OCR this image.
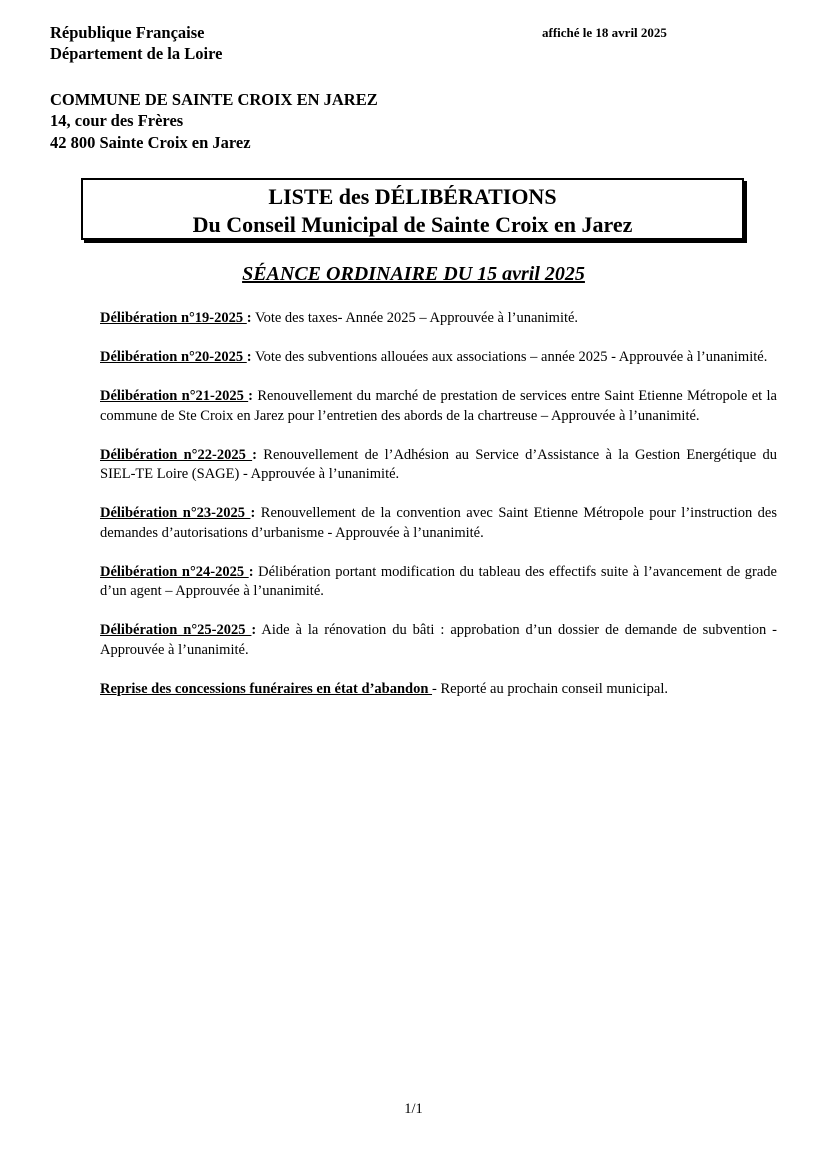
République Française
Département de la Loire
affiché le 18 avril 2025
COMMUNE DE SAINTE CROIX EN JAREZ
14, cour des Frères
42 800 Sainte Croix en Jarez
LISTE des DÉLIBÉRATIONS
Du Conseil Municipal de Sainte Croix en Jarez
SÉANCE ORDINAIRE DU 15 avril 2025

Délibération n°19-2025 : Vote des taxes- Année 2025 – Approuvée à l’unanimité.

Délibération n°20-2025 : Vote des subventions allouées aux associations – année 2025 - Approuvée à l’unanimité.

Délibération n°21-2025 : Renouvellement du marché de prestation de services entre Saint Etienne Métropole et la commune de Ste Croix en Jarez pour l’entretien des abords de la chartreuse – Approuvée à l’unanimité.

Délibération n°22-2025 : Renouvellement de l’Adhésion au Service d’Assistance à la Gestion Energétique du SIEL-TE Loire (SAGE) - Approuvée à l’unanimité.

Délibération n°23-2025 : Renouvellement de la convention avec Saint Etienne Métropole pour l’instruction des demandes d’autorisations d’urbanisme - Approuvée à l’unanimité.

Délibération n°24-2025 : Délibération portant modification du tableau des effectifs suite à l’avancement de grade d’un agent – Approuvée à l’unanimité.

Délibération n°25-2025 : Aide à la rénovation du bâti : approbation d’un dossier de demande de subvention - Approuvée à l’unanimité.

Reprise des concessions funéraires en état d’abandon - Reporté au prochain conseil municipal.

1/1
